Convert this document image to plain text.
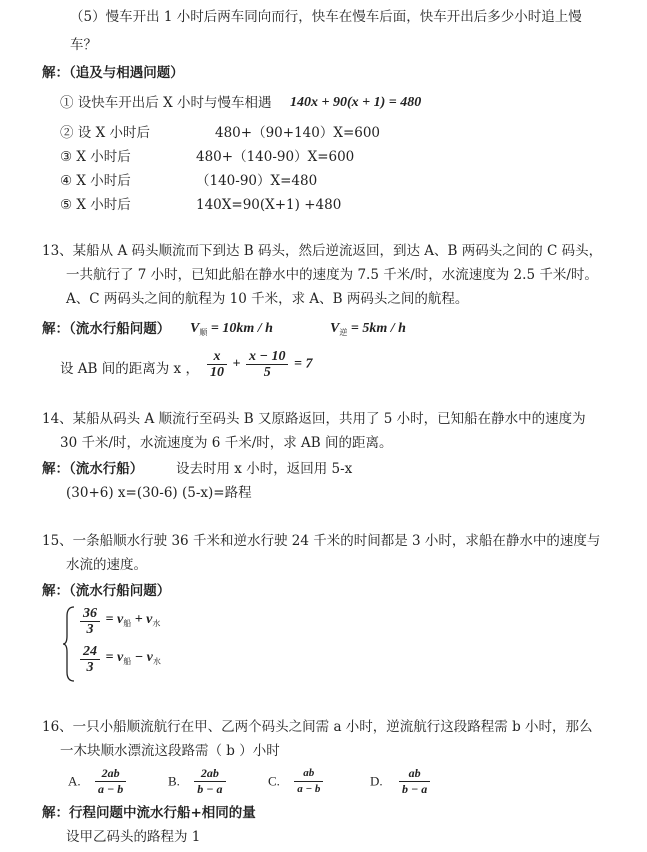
（5）慢车开出 1 小时后两车同向而行，快车在慢车后面，快车开出后多少小时追上慢
车？
解：（追及与相遇问题）
① 设快车开出后 X 小时与慢车相遇 140x + 90(x + 1) = 480
② 设 X 小时后	480+（90+140）X=600
③ X 小时后	480+（140-90）X=600
④ X 小时后	（140-90）X=480
⑤ X 小时后	140X=90(X+1) +480
13、某船从 A 码头顺流而下到达 B 码头，然后逆流返回，到达 A、B 两码头之间的 C 码头，
一共航行了 7 小时，已知此船在静水中的速度为 7.5 千米/时，水流速度为 2.5 千米/时。
A、C 两码头之间的航程为 10 千米，求 A、B 两码头之间的航程。
解：（流水行船问题） $V_顺 = 10km / h$	$V_逆 = 5km / h$
设 AB 间的距离为 x ， $\frac{x}{10} + \frac{x - 10}{5} = 7$
14、某船从码头 A 顺流行至码头 B 又原路返回，共用了 5 小时，已知船在静水中的速度为
30 千米/时，水流速度为 6 千米/时，求 AB 间的距离。
解：（流水行船） 设去时用 x 小时，返回用 5-x
(30+6) x=(30-6) (5-x)=路程
15、一条船顺水行驶 36 千米和逆水行驶 24 千米的时间都是 3 小时，求船在静水中的速度与
水流的速度。
解：（流水行船问题）
$\frac{36}{3} = v_船 + v_水$
$\frac{24}{3} = v_船 - v_水$
16、一只小船顺流航行在甲、乙两个码头之间需 a 小时，逆流航行这段路程需 b 小时，那么
一木块顺水漂流这段路需（ b ）小时
A. $\frac{2ab}{a - b}$	B. $\frac{2ab}{b - a}$	C. $\frac{ab}{a - b}$	D. $\frac{ab}{b - a}$
解：行程问题中流水行船+相同的量
设甲乙码头的路程为 1
